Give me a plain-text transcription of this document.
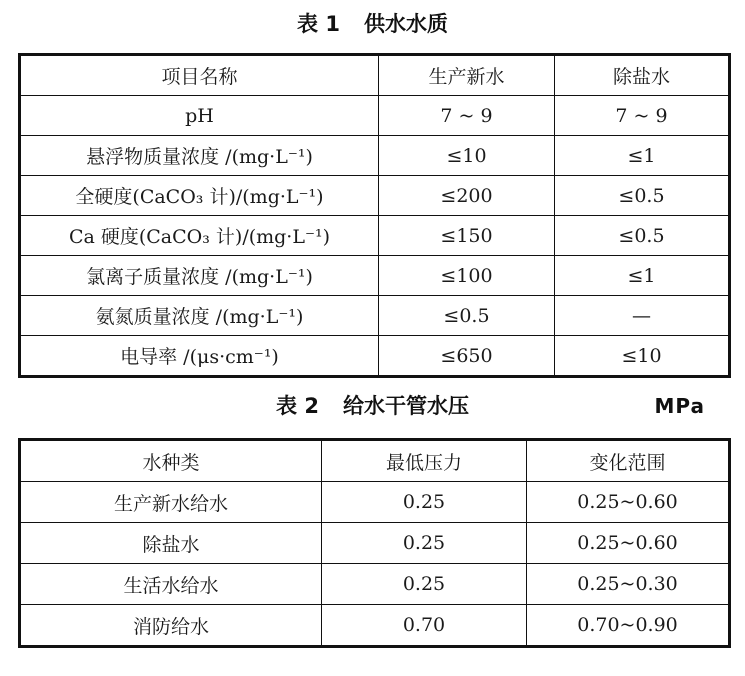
表 1 供水水质
项目名称	生产新水	除盐水
pH	7 ~ 9	7 ~ 9
悬浮物质量浓度 /(mg·L⁻¹)	≤10	≤1
全硬度(CaCO₃ 计)/(mg·L⁻¹)	≤200	≤0.5
Ca 硬度(CaCO₃ 计)/(mg·L⁻¹)	≤150	≤0.5
氯离子质量浓度 /(mg·L⁻¹)	≤100	≤1
氨氮质量浓度 /(mg·L⁻¹)	≤0.5	—
电导率 /(μs·cm⁻¹)	≤650	≤10
表 2 给水干管水压	MPa
水种类	最低压力	变化范围
生产新水给水	0.25	0.25~0.60
除盐水	0.25	0.25~0.60
生活水给水	0.25	0.25~0.30
消防给水	0.70	0.70~0.90
